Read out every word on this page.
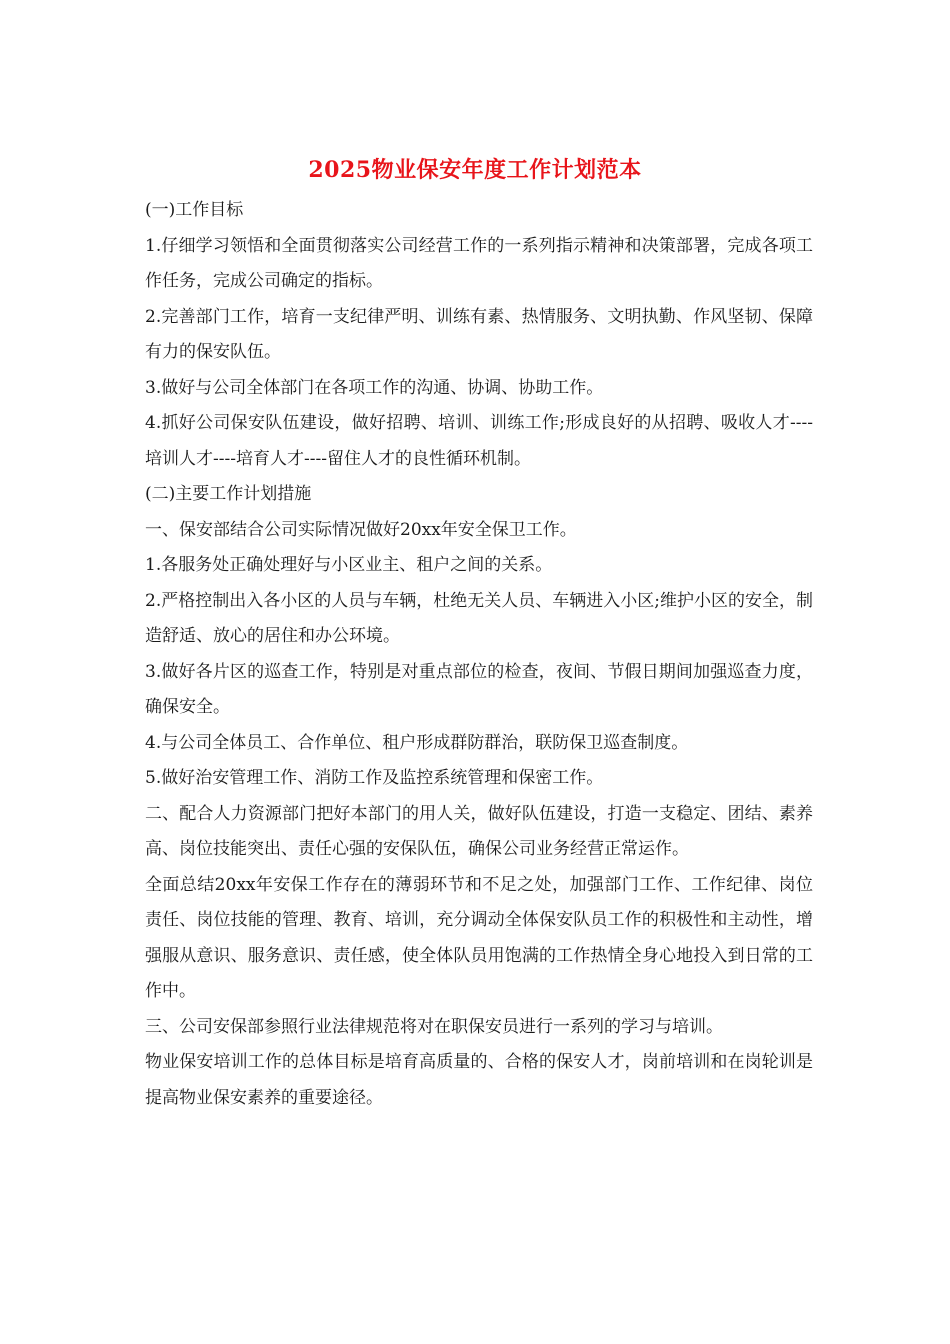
2025物业保安年度工作计划范本

(一)工作目标

1.仔细学习领悟和全面贯彻落实公司经营工作的一系列指示精神和决策部署，完成各项工作任务，完成公司确定的指标。

2.完善部门工作，培育一支纪律严明、训练有素、热情服务、文明执勤、作风坚韧、保障有力的保安队伍。

3.做好与公司全体部门在各项工作的沟通、协调、协助工作。

4.抓好公司保安队伍建设，做好招聘、培训、训练工作;形成良好的从招聘、吸收人才---- 培训人才----培育人才----留住人才的良性循环机制。

(二)主要工作计划措施

一、保安部结合公司实际情况做好20xx年安全保卫工作。

1.各服务处正确处理好与小区业主、租户之间的关系。

2.严格控制出入各小区的人员与车辆，杜绝无关人员、车辆进入小区;维护小区的安全，制造舒适、放心的居住和办公环境。

3.做好各片区的巡查工作，特别是对重点部位的检查，夜间、节假日期间加强巡查力度，确保安全。

4.与公司全体员工、合作单位、租户形成群防群治，联防保卫巡查制度。

5.做好治安管理工作、消防工作及监控系统管理和保密工作。

二、配合人力资源部门把好本部门的用人关，做好队伍建设，打造一支稳定、团结、素养高、岗位技能突出、责任心强的安保队伍，确保公司业务经营正常运作。

全面总结20xx年安保工作存在的薄弱环节和不足之处，加强部门工作、工作纪律、岗位责任、岗位技能的管理、教育、培训，充分调动全体保安队员工作的积极性和主动性，增强服从意识、服务意识、责任感，使全体队员用饱满的工作热情全身心地投入到日常的工作中。

三、公司安保部参照行业法律规范将对在职保安员进行一系列的学习与培训。

物业保安培训工作的总体目标是培育高质量的、合格的保安人才，岗前培训和在岗轮训是提高物业保安素养的重要途径。
